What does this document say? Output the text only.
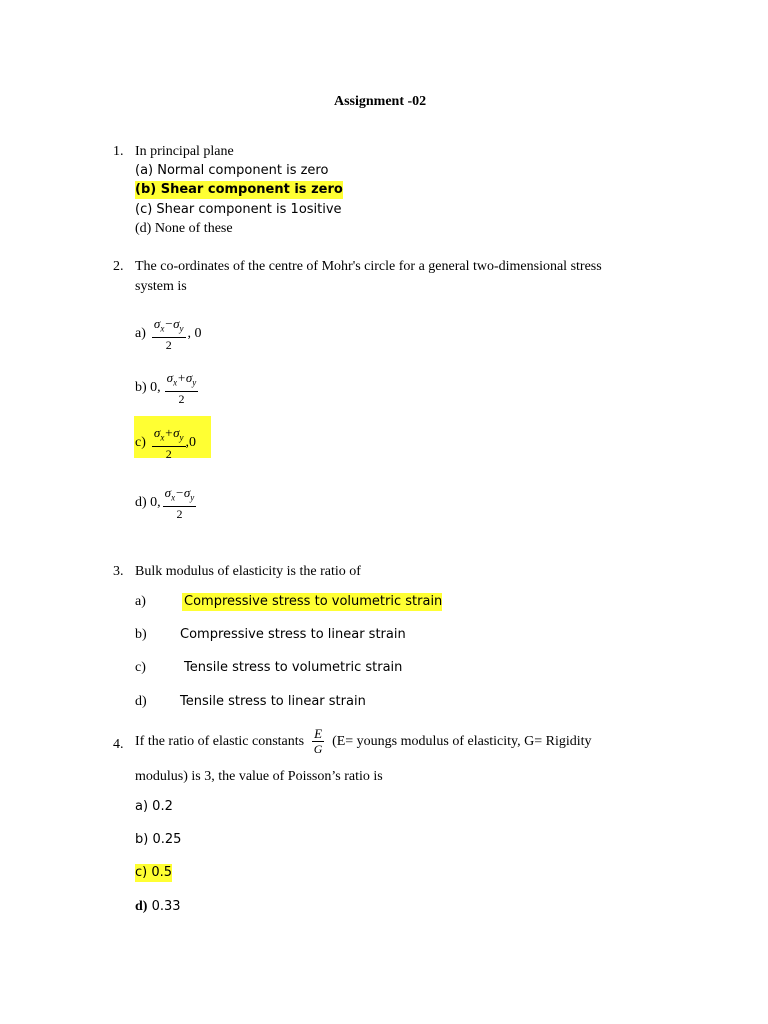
Assignment -02
1. In principal plane
(a) Normal component is zero
(b) Shear component is zero
(c) Shear component is 1ositive
(d) None of these
2. The co-ordinates of the centre of Mohr's circle for a general two-dimensional stress
system is
$a) \frac{\sigma_x-\sigma_y}{2}$ , 0
b) 0, $\frac{\sigma_x+\sigma_y}{2}$
$c) \frac{\sigma_x+\sigma_y}{2} ,0$
d) 0, $\frac{\sigma_x-\sigma_y}{2}$
3. Bulk modulus of elasticity is the ratio of
a)	Compressive stress to volumetric strain
b)	Compressive stress to linear strain
c)	Tensile stress to volumetric strain
d)	Tensile stress to linear strain
4. If the ratio of elastic constants $\frac{E}{G} (E=$ youngs modulus of elasticity, G= Rigidity
modulus) is 3, the value of Poisson’s ratio is
a) 0.2
b) 0.25
c) 0.5
d) 0.33
